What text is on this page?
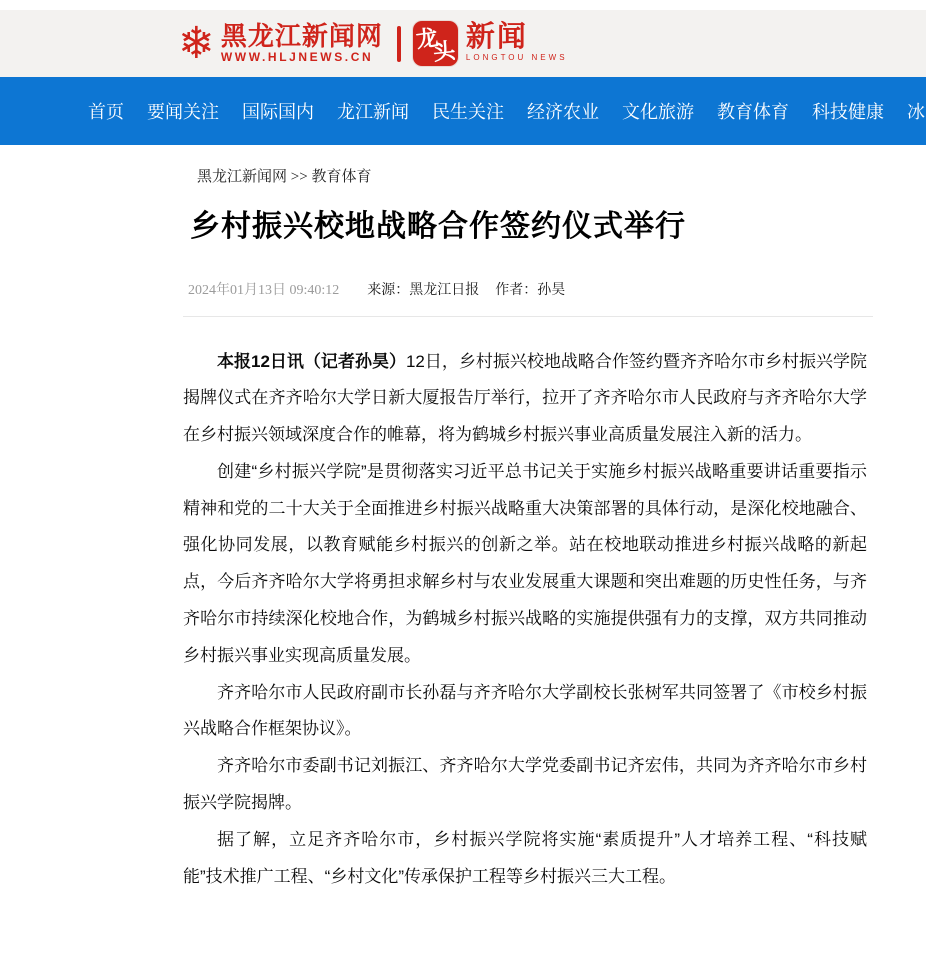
❄ 黑龙江新闻网
WWW.HLJNEWS.CN
龙
头 新闻
LONGTOU NEWS
首页 要闻关注 国际国内 龙江新闻 民生关注 经济农业 文化旅游 教育体育 科技健康 冰
黑龙江新闻网 >> 教育体育
乡村振兴校地战略合作签约仪式举行
2024年01月13日 09:40:12 来源：黑龙江日报 作者：孙昊

本报12日讯（记者孙昊）12日，乡村振兴校地战略合作签约暨齐齐哈尔市乡村振兴学院揭牌仪式在齐齐哈尔大学日新大厦报告厅举行，拉开了齐齐哈尔市人民政府与齐齐哈尔大学在乡村振兴领域深度合作的帷幕，将为鹤城乡村振兴事业高质量发展注入新的活力。

创建“乡村振兴学院”是贯彻落实习近平总书记关于实施乡村振兴战略重要讲话重要指示精神和党的二十大关于全面推进乡村振兴战略重大决策部署的具体行动，是深化校地融合、强化协同发展，以教育赋能乡村振兴的创新之举。站在校地联动推进乡村振兴战略的新起点，今后齐齐哈尔大学将勇担求解乡村与农业发展重大课题和突出难题的历史性任务，与齐齐哈尔市持续深化校地合作，为鹤城乡村振兴战略的实施提供强有力的支撑，双方共同推动乡村振兴事业实现高质量发展。

齐齐哈尔市人民政府副市长孙磊与齐齐哈尔大学副校长张树军共同签署了《市校乡村振兴战略合作框架协议》。

齐齐哈尔市委副书记刘振江、齐齐哈尔大学党委副书记齐宏伟，共同为齐齐哈尔市乡村振兴学院揭牌。

据了解，立足齐齐哈尔市，乡村振兴学院将实施“素质提升”人才培养工程、“科技赋能”技术推广工程、“乡村文化”传承保护工程等乡村振兴三大工程。
